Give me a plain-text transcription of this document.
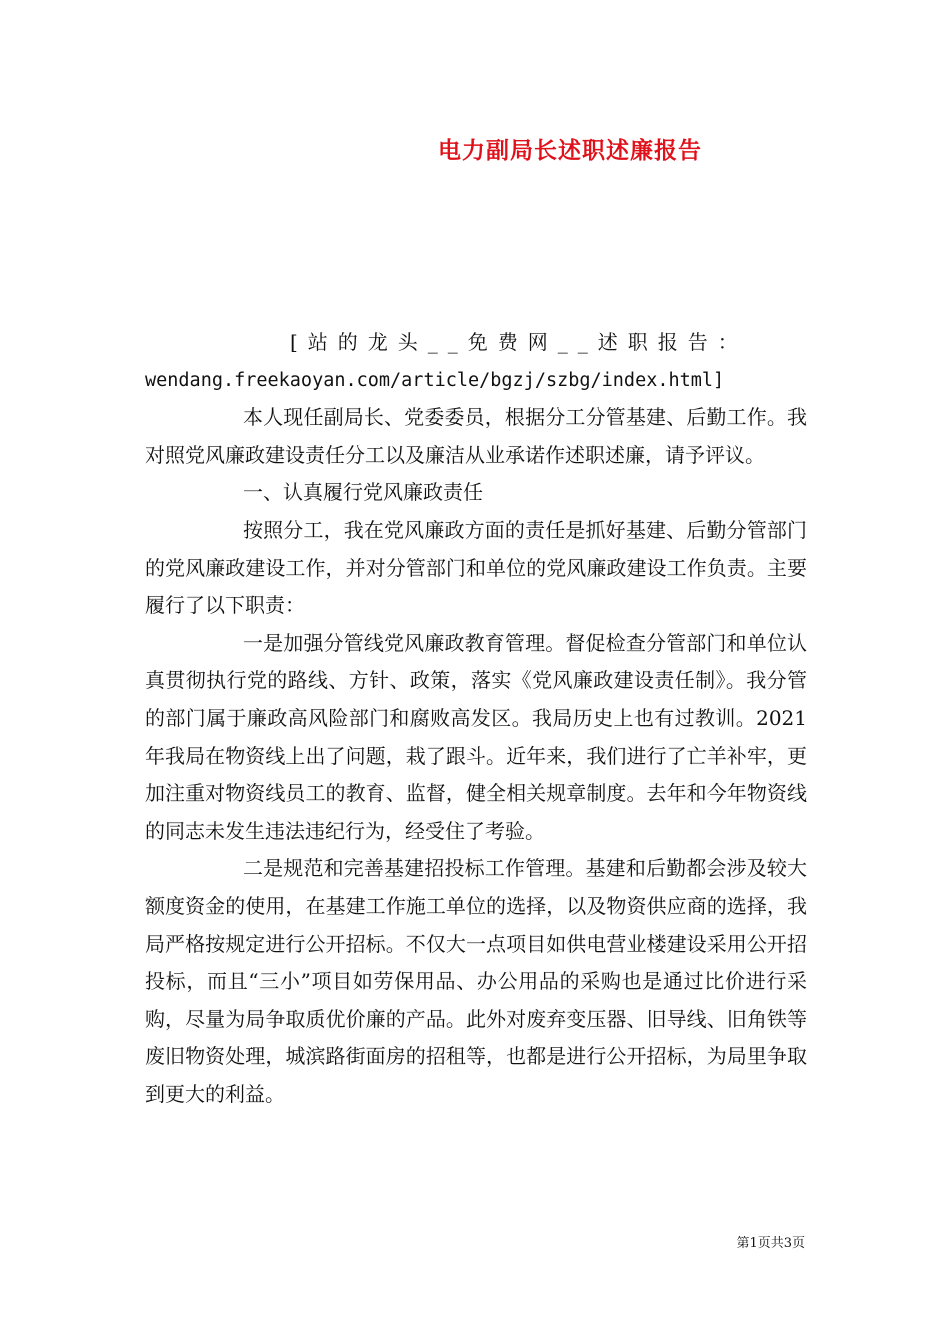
电力副局长述职述廉报告

[站的龙头__免费网__述职报告：

wendang.freekaoyan.com/article/bgzj/szbg/index.html]

本人现任副局长、党委委员，根据分工分管基建、后勤工作。我对照党风廉政建设责任分工以及廉洁从业承诺作述职述廉，请予评议。

一、认真履行党风廉政责任

按照分工，我在党风廉政方面的责任是抓好基建、后勤分管部门的党风廉政建设工作，并对分管部门和单位的党风廉政建设工作负责。主要履行了以下职责：

一是加强分管线党风廉政教育管理。督促检查分管部门和单位认真贯彻执行党的路线、方针、政策，落实《党风廉政建设责任制》。我分管的部门属于廉政高风险部门和腐败高发区。我局历史上也有过教训。2021年我局在物资线上出了问题，栽了跟斗。近年来，我们进行了亡羊补牢，更加注重对物资线员工的教育、监督，健全相关规章制度。去年和今年物资线的同志未发生违法违纪行为，经受住了考验。

二是规范和完善基建招投标工作管理。基建和后勤都会涉及较大额度资金的使用，在基建工作施工单位的选择，以及物资供应商的选择，我局严格按规定进行公开招标。不仅大一点项目如供电营业楼建设采用公开招投标，而且“三小”项目如劳保用品、办公用品的采购也是通过比价进行采购，尽量为局争取质优价廉的产品。此外对废弃变压器、旧导线、旧角铁等废旧物资处理，城滨路街面房的招租等，也都是进行公开招标，为局里争取到更大的利益。

第1页共3页
